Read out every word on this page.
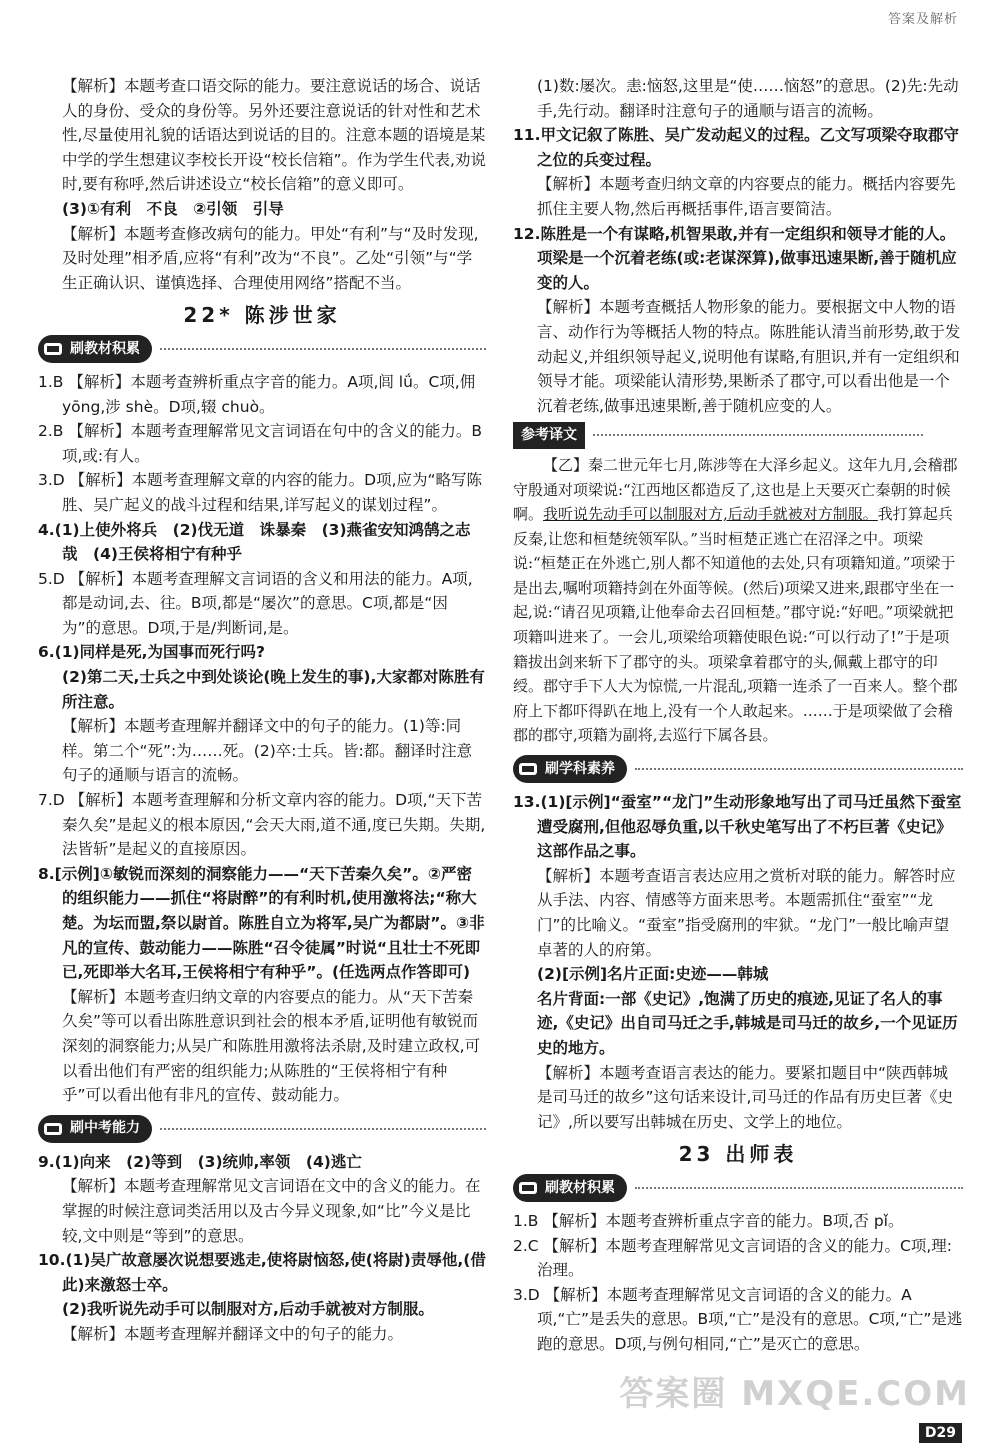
答案及解析

【解析】本题考查口语交际的能力。要注意说话的场合、说话人的身份、受众的身份等。另外还要注意说话的针对性和艺术性,尽量使用礼貌的话语达到说话的目的。注意本题的语境是某中学的学生想建议李校长开设“校长信箱”。作为学生代表,劝说时,要有称呼,然后讲述设立“校长信箱”的意义即可。

(3)①有利　不良　②引领　引导

【解析】本题考查修改病句的能力。甲处“有利”与“及时发现,及时处理”相矛盾,应将“有利”改为“不良”。乙处“引领”与“学生正确认识、谨慎选择、合理使用网络”搭配不当。

22* 陈涉世家
刷教材积累

1.B 【解析】本题考查辨析重点字音的能力。A项,闾 lǘ。C项,佣 yōng,涉 shè。D项,辍 chuò。

2.B 【解析】本题考查理解常见文言词语在句中的含义的能力。B项,或:有人。

3.D 【解析】本题考查理解文章的内容的能力。D项,应为“略写陈胜、吴广起义的战斗过程和结果,详写起义的谋划过程”。

4.(1)上使外将兵　(2)伐无道　诛暴秦　(3)燕雀安知鸿鹄之志哉　(4)王侯将相宁有种乎

5.D 【解析】本题考查理解文言词语的含义和用法的能力。A项,都是动词,去、往。B项,都是“屡次”的意思。C项,都是“因为”的意思。D项,于是/判断词,是。

6.(1)同样是死,为国事而死行吗?

(2)第二天,士兵之中到处谈论(晚上发生的事),大家都对陈胜有所注意。

【解析】本题考查理解并翻译文中的句子的能力。(1)等:同样。第二个“死”:为……死。(2)卒:士兵。皆:都。翻译时注意句子的通顺与语言的流畅。

7.D 【解析】本题考查理解和分析文章内容的能力。D项,“天下苦秦久矣”是起义的根本原因,“会天大雨,道不通,度已失期。失期,法皆斩”是起义的直接原因。

8.[示例]①敏锐而深刻的洞察能力——“天下苦秦久矣”。②严密的组织能力——抓住“将尉醉”的有利时机,使用激将法;“称大楚。为坛而盟,祭以尉首。陈胜自立为将军,吴广为都尉”。③非凡的宣传、鼓动能力——陈胜“召令徒属”时说“且壮士不死即已,死即举大名耳,王侯将相宁有种乎”。(任选两点作答即可)

【解析】本题考查归纳文章的内容要点的能力。从“天下苦秦久矣”等可以看出陈胜意识到社会的根本矛盾,证明他有敏锐而深刻的洞察能力;从吴广和陈胜用激将法杀尉,及时建立政权,可以看出他们有严密的组织能力;从陈胜的“王侯将相宁有种乎”可以看出他有非凡的宣传、鼓动能力。

刷中考能力

9.(1)向来　(2)等到　(3)统帅,率领　(4)逃亡

【解析】本题考查理解常见文言词语在文中的含义的能力。在掌握的时候注意词类活用以及古今异义现象,如“比”今义是比较,文中则是“等到”的意思。

10.(1)吴广故意屡次说想要逃走,使将尉恼怒,使(将尉)责辱他,(借此)来激怒士卒。

(2)我听说先动手可以制服对方,后动手就被对方制服。

【解析】本题考查理解并翻译文中的句子的能力。

(1)数:屡次。恚:恼怒,这里是“使……恼怒”的意思。(2)先:先动手,先行动。翻译时注意句子的通顺与语言的流畅。

11.甲文记叙了陈胜、吴广发动起义的过程。乙文写项梁夺取郡守之位的兵变过程。

【解析】本题考查归纳文章的内容要点的能力。概括内容要先抓住主要人物,然后再概括事件,语言要简洁。

12.陈胜是一个有谋略,机智果敢,并有一定组织和领导才能的人。项梁是一个沉着老练(或:老谋深算),做事迅速果断,善于随机应变的人。

【解析】本题考查概括人物形象的能力。要根据文中人物的语言、动作行为等概括人物的特点。陈胜能认清当前形势,敢于发动起义,并组织领导起义,说明他有谋略,有胆识,并有一定组织和领导才能。项梁能认清形势,果断杀了郡守,可以看出他是一个沉着老练,做事迅速果断,善于随机应变的人。

参考译文

【乙】秦二世元年七月,陈涉等在大泽乡起义。这年九月,会稽郡守殷通对项梁说:“江西地区都造反了,这也是上天要灭亡秦朝的时候啊。我听说先动手可以制服对方,后动手就被对方制服。我打算起兵反秦,让您和桓楚统领军队。”当时桓楚正逃亡在沼泽之中。项梁说:“桓楚正在外逃亡,别人都不知道他的去处,只有项籍知道。”项梁于是出去,嘱咐项籍持剑在外面等候。(然后)项梁又进来,跟郡守坐在一起,说:“请召见项籍,让他奉命去召回桓楚。”郡守说:“好吧。”项梁就把项籍叫进来了。一会儿,项梁给项籍使眼色说:“可以行动了!”于是项籍拔出剑来斩下了郡守的头。项梁拿着郡守的头,佩戴上郡守的印绶。郡守手下人大为惊慌,一片混乱,项籍一连杀了一百来人。整个郡府上下都吓得趴在地上,没有一个人敢起来。……于是项梁做了会稽郡的郡守,项籍为副将,去巡行下属各县。

刷学科素养

13.(1)[示例]“蚕室”“龙门”生动形象地写出了司马迁虽然下蚕室遭受腐刑,但他忍辱负重,以千秋史笔写出了不朽巨著《史记》这部作品之事。

【解析】本题考查语言表达应用之赏析对联的能力。解答时应从手法、内容、情感等方面来思考。本题需抓住“蚕室”“龙门”的比喻义。“蚕室”指受腐刑的牢狱。“龙门”一般比喻声望卓著的人的府第。

(2)[示例]名片正面:史迹——韩城

名片背面:一部《史记》,饱满了历史的痕迹,见证了名人的事迹,《史记》出自司马迁之手,韩城是司马迁的故乡,一个见证历史的地方。

【解析】本题考查语言表达的能力。要紧扣题目中“陕西韩城是司马迁的故乡”这句话来设计,司马迁的作品有历史巨著《史记》,所以要写出韩城在历史、文学上的地位。

23 出师表
刷教材积累

1.B 【解析】本题考查辨析重点字音的能力。B项,否 pǐ。

2.C 【解析】本题考查理解常见文言词语的含义的能力。C项,理:治理。

3.D 【解析】本题考查理解常见文言词语的含义的能力。A项,“亡”是丢失的意思。B项,“亡”是没有的意思。C项,“亡”是逃跑的意思。D项,与例句相同,“亡”是灭亡的意思。

答案圈 MXQE.COM
D29
